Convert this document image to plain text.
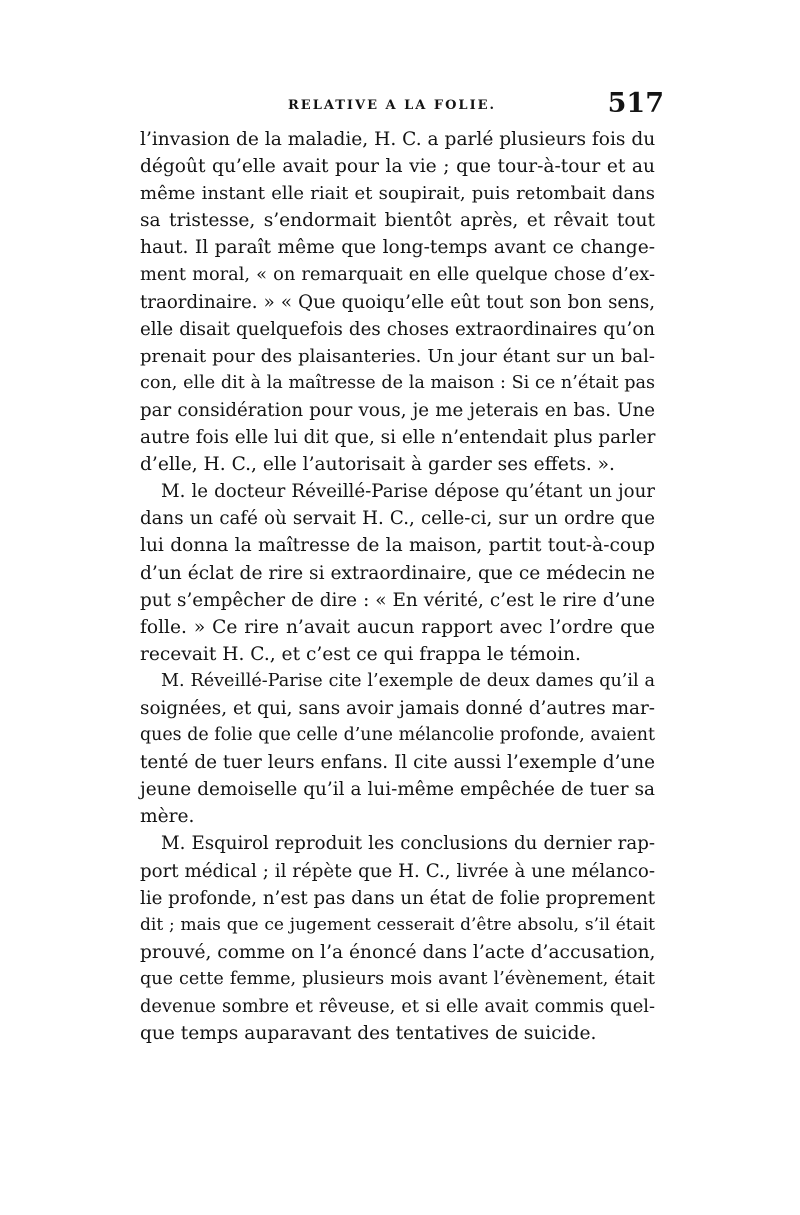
RELATIVE A LA FOLIE.	517
l’invasion de la maladie, H. C. a parlé plusieurs fois du
dégoût qu’elle avait pour la vie ; que tour-à-tour et au
même instant elle riait et soupirait, puis retombait dans
sa tristesse, s’endormait bientôt après, et rêvait tout
haut. Il paraît même que long-temps avant ce change-
ment moral, « on remarquait en elle quelque chose d’ex-
traordinaire. » « Que quoiqu’elle eût tout son bon sens,
elle disait quelquefois des choses extraordinaires qu’on
prenait pour des plaisanteries. Un jour étant sur un bal-
con, elle dit à la maîtresse de la maison : Si ce n’était pas
par considération pour vous, je me jeterais en bas. Une
autre fois elle lui dit que, si elle n’entendait plus parler
d’elle, H. C., elle l’autorisait à garder ses effets. ».
M. le docteur Réveillé-Parise dépose qu’étant un jour
dans un café où servait H. C., celle-ci, sur un ordre que
lui donna la maîtresse de la maison, partit tout-à-coup
d’un éclat de rire si extraordinaire, que ce médecin ne
put s’empêcher de dire : « En vérité, c’est le rire d’une
folle. » Ce rire n’avait aucun rapport avec l’ordre que
recevait H. C., et c’est ce qui frappa le témoin.
M. Réveillé-Parise cite l’exemple de deux dames qu’il a
soignées, et qui, sans avoir jamais donné d’autres mar-
ques de folie que celle d’une mélancolie profonde, avaient
tenté de tuer leurs enfans. Il cite aussi l’exemple d’une
jeune demoiselle qu’il a lui-même empêchée de tuer sa
mère.
M. Esquirol reproduit les conclusions du dernier rap-
port médical ; il répète que H. C., livrée à une mélanco-
lie profonde, n’est pas dans un état de folie proprement
dit ; mais que ce jugement cesserait d’être absolu, s’il était
prouvé, comme on l’a énoncé dans l’acte d’accusation,
que cette femme, plusieurs mois avant l’évènement, était
devenue sombre et rêveuse, et si elle avait commis quel-
que temps auparavant des tentatives de suicide.
